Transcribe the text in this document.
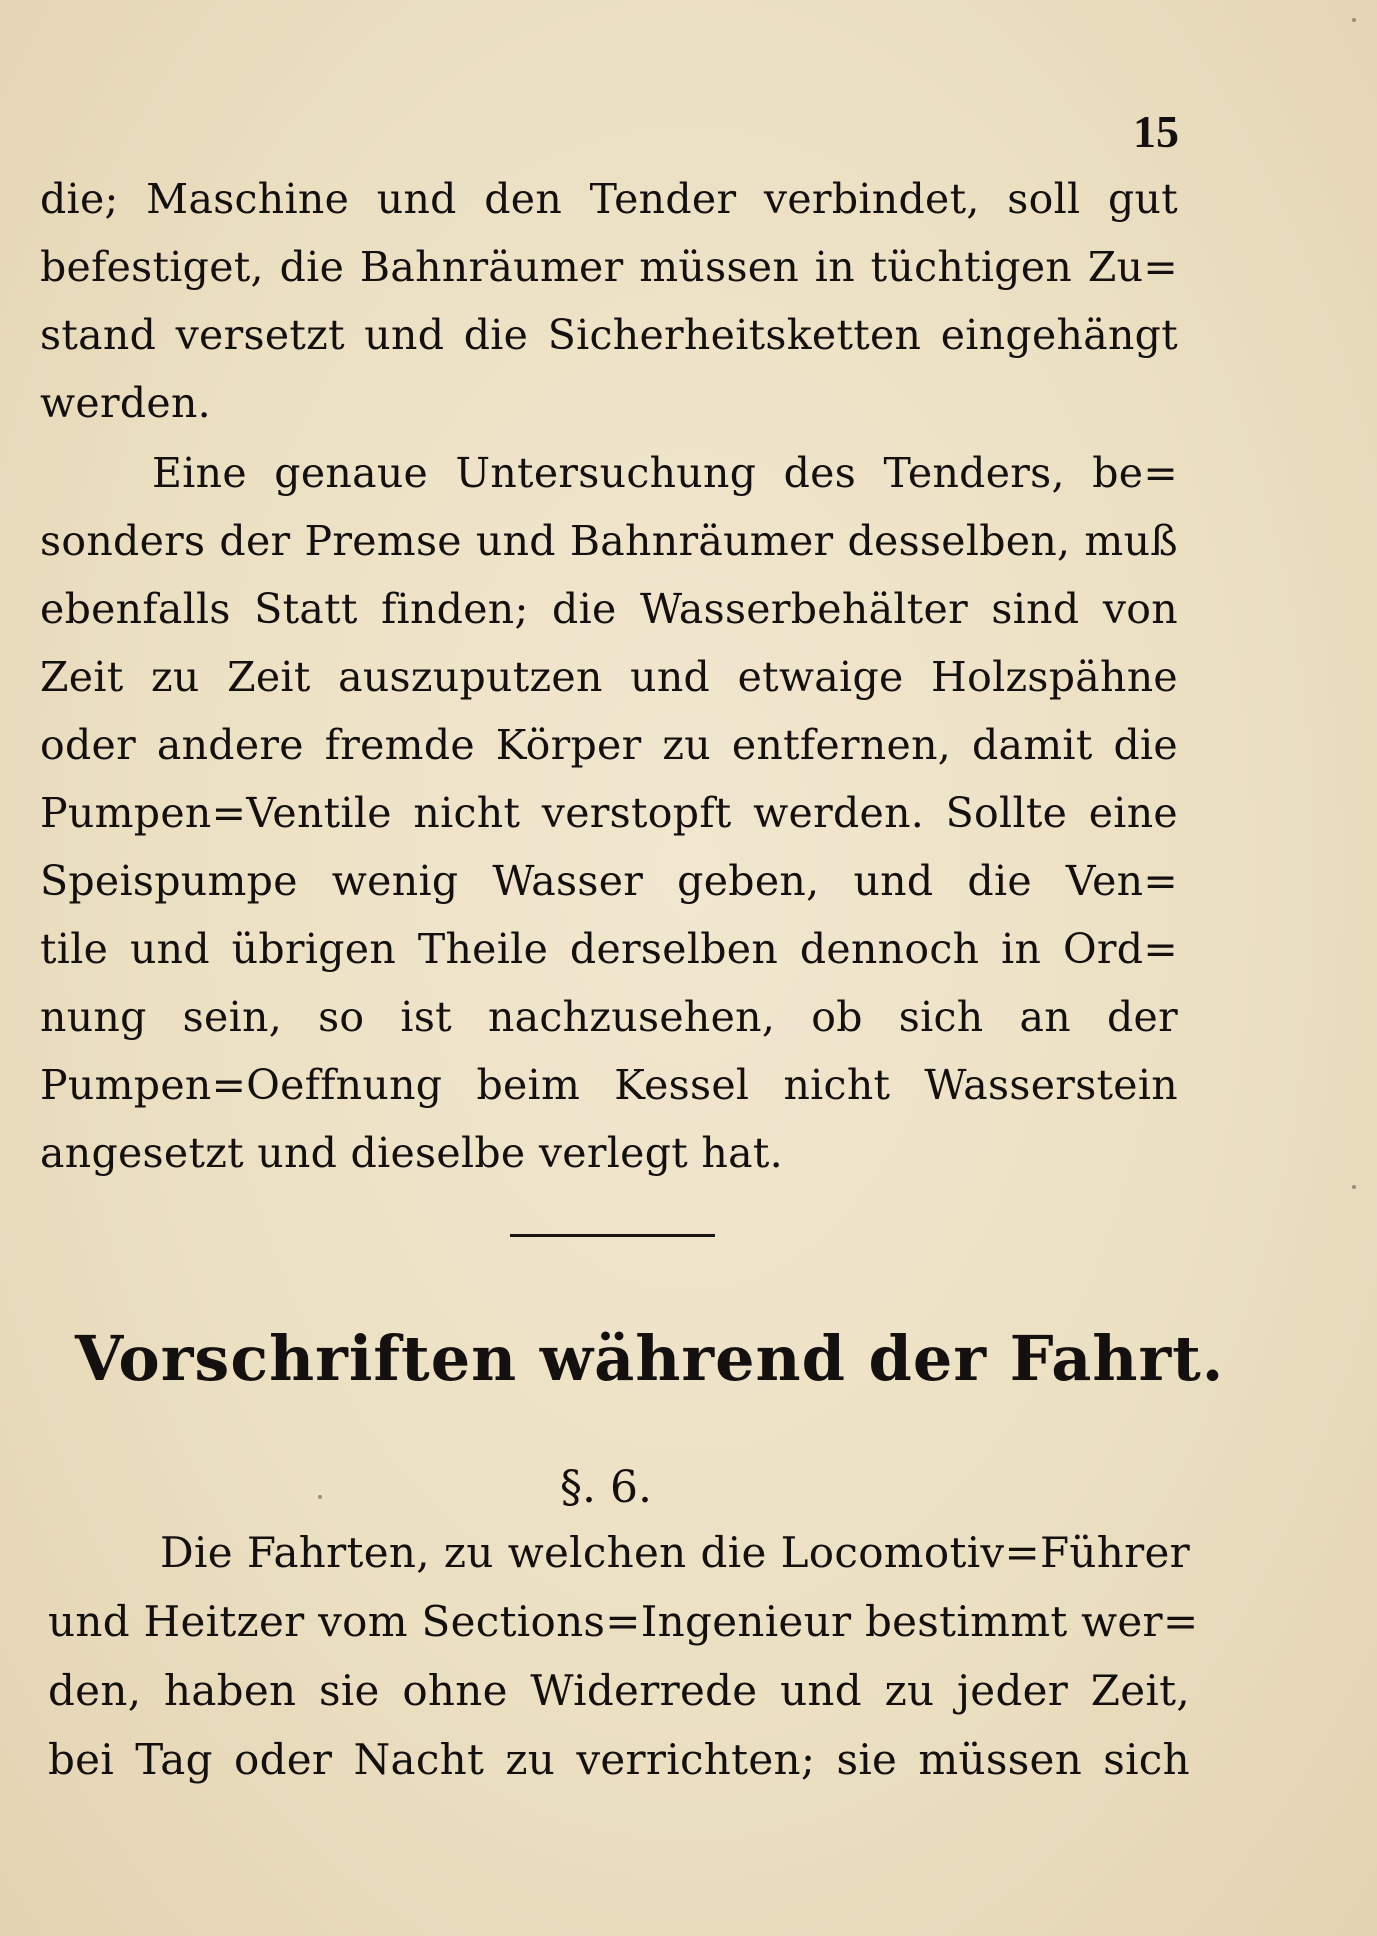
15
die; Maschine und den Tender verbindet, soll gut
befestiget, die Bahnräumer müssen in tüchtigen Zu=
stand versetzt und die Sicherheitsketten eingehängt
werden.
Eine genaue Untersuchung des Tenders, be=
sonders der Premse und Bahnräumer desselben, muß
ebenfalls Statt finden; die Wasserbehälter sind von
Zeit zu Zeit auszuputzen und etwaige Holzspähne
oder andere fremde Körper zu entfernen, damit die
Pumpen=Ventile nicht verstopft werden. Sollte eine
Speispumpe wenig Wasser geben, und die Ven=
tile und übrigen Theile derselben dennoch in Ord=
nung sein, so ist nachzusehen, ob sich an der
Pumpen=Oeffnung beim Kessel nicht Wasserstein
angesetzt und dieselbe verlegt hat.
Vorschriften während der Fahrt.
§. 6.
Die Fahrten, zu welchen die Locomotiv=Führer
und Heitzer vom Sections=Ingenieur bestimmt wer=
den, haben sie ohne Widerrede und zu jeder Zeit,
bei Tag oder Nacht zu verrichten; sie müssen sich
